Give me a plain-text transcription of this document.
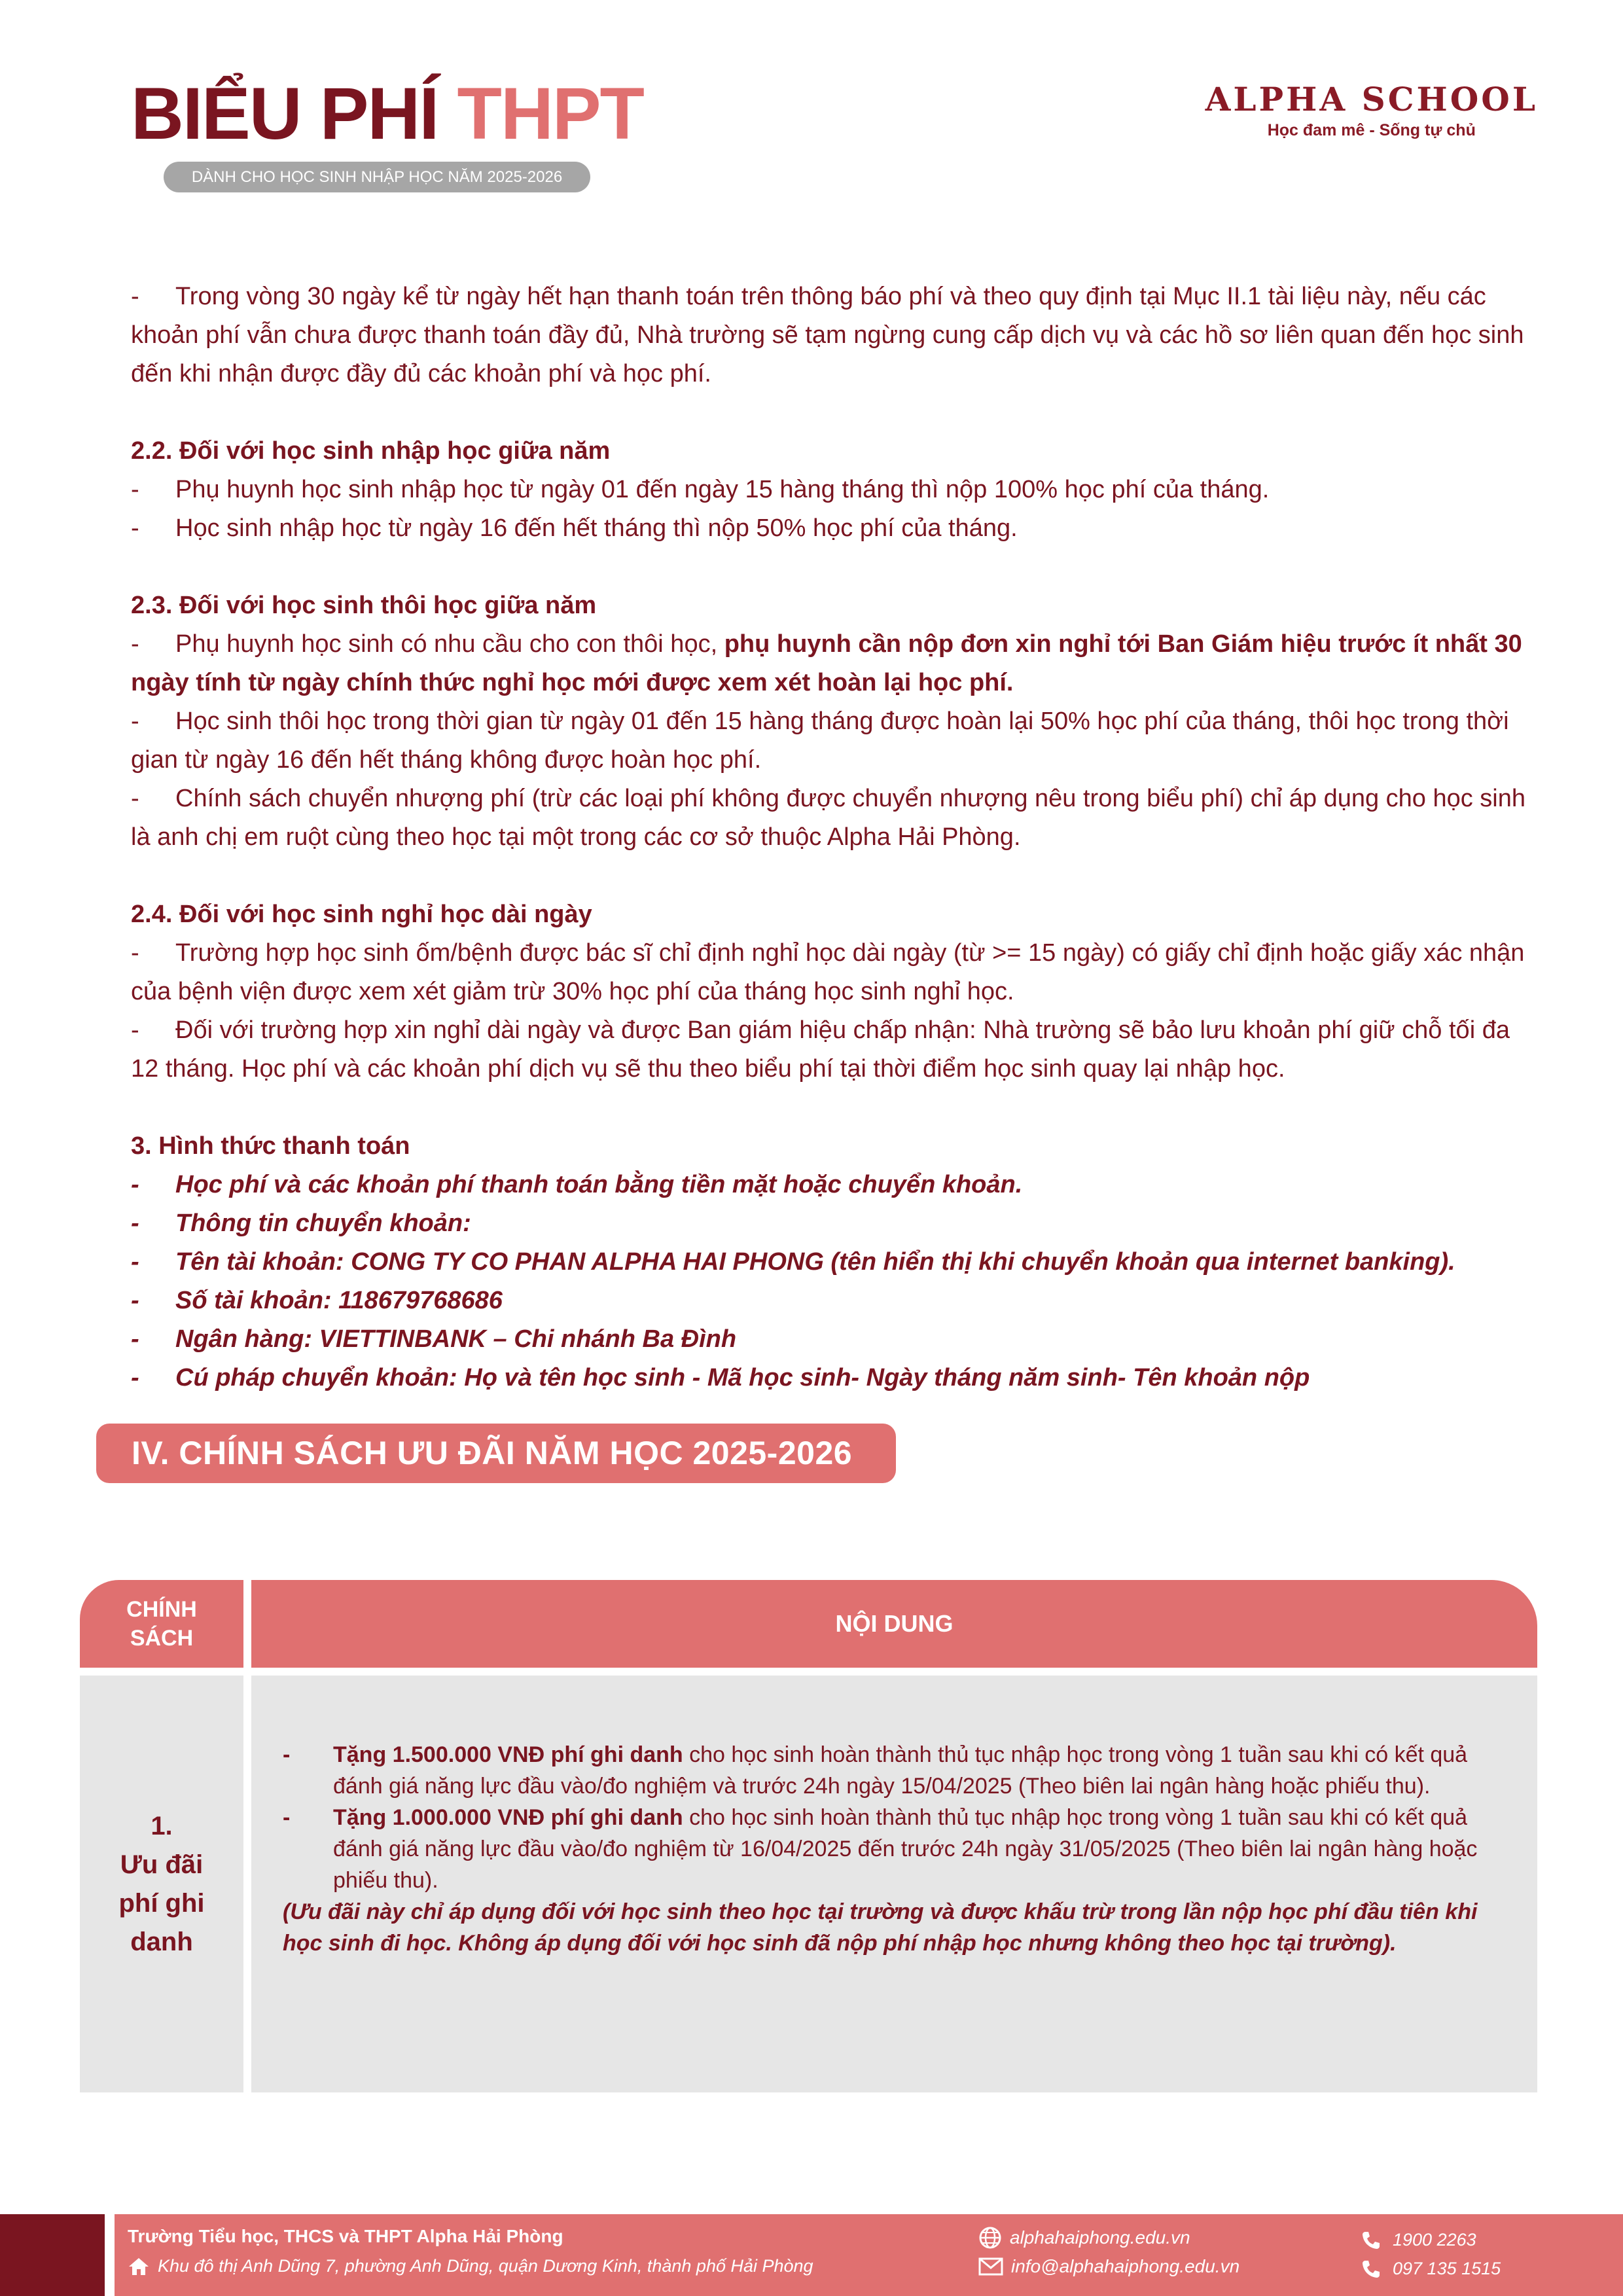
BIỂU PHÍ THPT
DÀNH CHO HỌC SINH NHẬP HỌC NĂM 2025-2026
ALPHA SCHOOL
Học đam mê - Sống tự chủ

- Trong vòng 30 ngày kể từ ngày hết hạn thanh toán trên thông báo phí và theo quy định tại Mục II.1 tài liệu này, nếu các khoản phí vẫn chưa được thanh toán đầy đủ, Nhà trường sẽ tạm ngừng cung cấp dịch vụ và các hồ sơ liên quan đến học sinh đến khi nhận được đầy đủ các khoản phí và học phí.

2.2. Đối với học sinh nhập học giữa năm

- Phụ huynh học sinh nhập học từ ngày 01 đến ngày 15 hàng tháng thì nộp 100% học phí của tháng.

- Học sinh nhập học từ ngày 16 đến hết tháng thì nộp 50% học phí của tháng.

2.3. Đối với học sinh thôi học giữa năm

- Phụ huynh học sinh có nhu cầu cho con thôi học, phụ huynh cần nộp đơn xin nghỉ tới Ban Giám hiệu trước ít nhất 30 ngày tính từ ngày chính thức nghỉ học mới được xem xét hoàn lại học phí.

- Học sinh thôi học trong thời gian từ ngày 01 đến 15 hàng tháng được hoàn lại 50% học phí của tháng, thôi học trong thời gian từ ngày 16 đến hết tháng không được hoàn học phí.

- Chính sách chuyển nhượng phí (trừ các loại phí không được chuyển nhượng nêu trong biểu phí) chỉ áp dụng cho học sinh là anh chị em ruột cùng theo học tại một trong các cơ sở thuộc Alpha Hải Phòng.

2.4. Đối với học sinh nghỉ học dài ngày

- Trường hợp học sinh ốm/bệnh được bác sĩ chỉ định nghỉ học dài ngày (từ >= 15 ngày) có giấy chỉ định hoặc giấy xác nhận của bệnh viện được xem xét giảm trừ 30% học phí của tháng học sinh nghỉ học.

- Đối với trường hợp xin nghỉ dài ngày và được Ban giám hiệu chấp nhận: Nhà trường sẽ bảo lưu khoản phí giữ chỗ tối đa 12 tháng. Học phí và các khoản phí dịch vụ sẽ thu theo biểu phí tại thời điểm học sinh quay lại nhập học.

3. Hình thức thanh toán

- Học phí và các khoản phí thanh toán bằng tiền mặt hoặc chuyển khoản.

- Thông tin chuyển khoản:

- Tên tài khoản: CONG TY CO PHAN ALPHA HAI PHONG (tên hiển thị khi chuyển khoản qua internet banking).

- Số tài khoản: 118679768686

- Ngân hàng: VIETTINBANK – Chi nhánh Ba Đình

- Cú pháp chuyển khoản: Họ và tên học sinh - Mã học sinh- Ngày tháng năm sinh- Tên khoản nộp

IV. CHÍNH SÁCH ƯU ĐÃI NĂM HỌC 2025-2026
CHÍNH
SÁCH
NỘI DUNG
1.
Ưu đãi
phí ghi
danh
-	Tặng 1.500.000 VNĐ phí ghi danh cho học sinh hoàn thành thủ tục nhập học trong vòng 1 tuần sau khi có kết quả đánh giá năng lực đầu vào/đo nghiệm và trước 24h ngày 15/04/2025 (Theo biên lai ngân hàng hoặc phiếu thu).
-	Tặng 1.000.000 VNĐ phí ghi danh cho học sinh hoàn thành thủ tục nhập học trong vòng 1 tuần sau khi có kết quả đánh giá năng lực đầu vào/đo nghiệm từ 16/04/2025 đến trước 24h ngày 31/05/2025 (Theo biên lai ngân hàng hoặc phiếu thu).
(Ưu đãi này chỉ áp dụng đối với học sinh theo học tại trường và được khấu trừ trong lần nộp học phí đầu tiên khi học sinh đi học. Không áp dụng đối với học sinh đã nộp phí nhập học nhưng không theo học tại trường).
Trường Tiểu học, THCS và THPT Alpha Hải Phòng
Khu đô thị Anh Dũng 7, phường Anh Dũng, quận Dương Kinh, thành phố Hải Phòng
alphahaiphong.edu.vn
info@alphahaiphong.edu.vn
1900 2263
097 135 1515
